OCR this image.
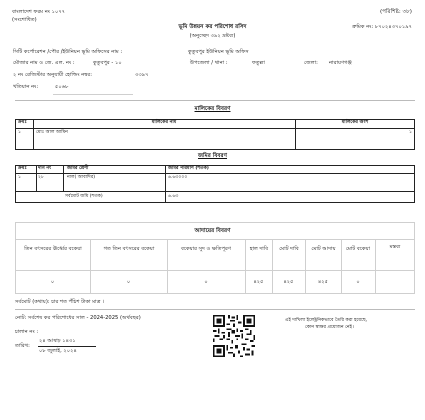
বাংলাদেশ ফরম নং ১০৭৭
(সংশোধিত)
(পরিশিষ্ট: ৩৮)
ভূমি উন্নয়ন কর পরিশোধ রসিদ
(অনুচ্ছেদ ৩৯২ দ্রষ্টব্য)
ক্রমিক নং: ৮৭০২৪৩৭০১৯৭
সিটি কর্পোরেশন /পৌর /ইউনিয়ন ভূমি অফিসের নাম :	কুতুবপুর ইউনিয়ন ভূমি অফিস
মৌজার নাম ও জে. এল. নং :	কুতুবপুর - ১০	উপজেলা / থানা :	ফতুল্লা	জেলা: নারায়ণগঞ্জ
২ নং রেজিস্টার অনুযায়ী হোল্ডিং নম্বর:	৩৩৯৭
খতিয়ান নং:	৫০৬৮
মালিকের বিবরণ
ক্রমঃ	মালিকের নাম	মালিকের অংশ
১	মোঃ আল আমিন	১
জমির বিবরণ
ক্রমঃ দাগ নং	জমির শ্রেণী	জমির পরিমাণ (শতক)
১	২৮	নাল( আবাদির)	৬.৬৩০০০
সর্বমোট জমি (শতক)	৬.৬৩
আদায়ের বিবরণ
তিন বৎসরের ঊর্ধ্বের বকেয়া	গত তিন বৎসরের বকেয়া	বকেয়ার সুদ ও ক্ষতিপূরণ	হাল দাবি	মোট দাবি	মোট আদায়	মোট বকেয়া	মন্তব্য
০	০	০	৪২৫	৪২৫	৪২৫	০
সর্বমোট (কথায়): চার শত পঁচিশ টাকা মাত্র ।
নোট: সর্বশেষ কর পরিশোধের সাল - 2024-2025 (অর্থবছর)
চালান নং :
তারিখ:
২৪ আষাঢ় ১৪৩১
০৮ জুলাই, ২০২৪
এই দাখিলা ইলেক্ট্রনিকভাবে তৈরি করা হয়েছে,
কোন স্বাক্ষর প্রয়োজন নেই।
